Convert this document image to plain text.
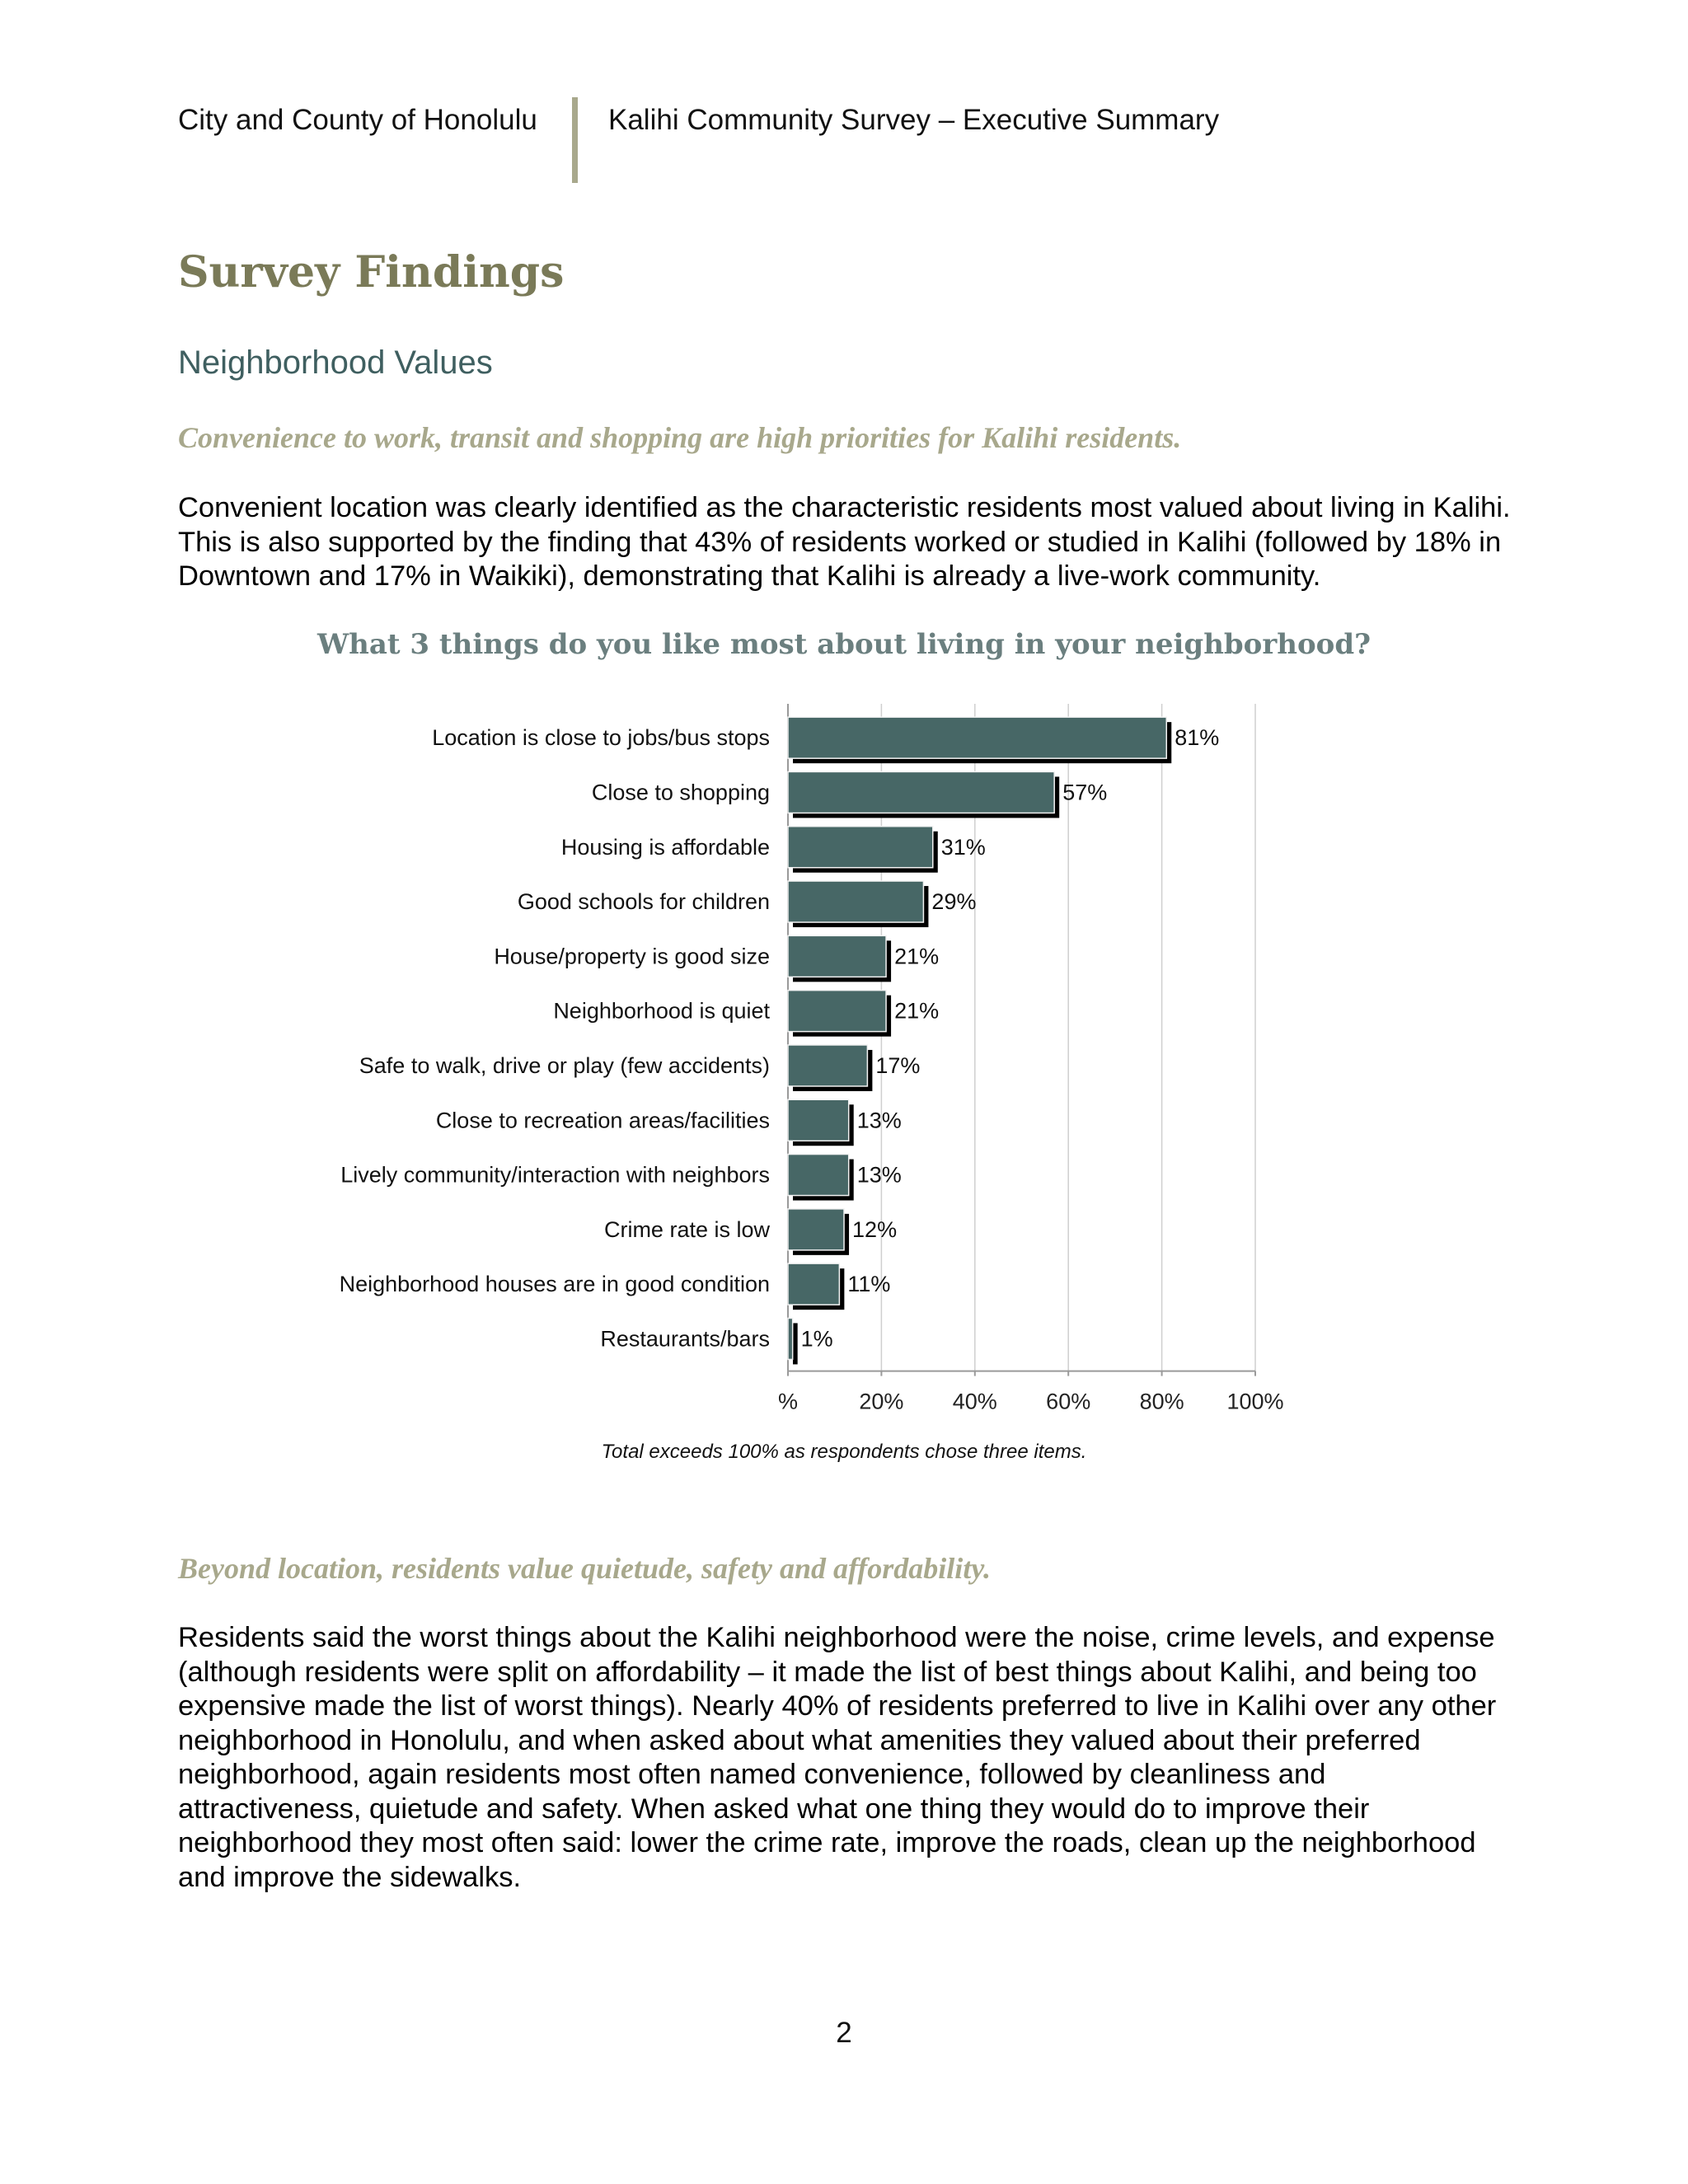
City and County of Honolulu Kalihi Community Survey – Executive Summary
Survey Findings
Neighborhood Values
Convenience to work, transit and shopping are high priorities for Kalihi residents.
Convenient location was clearly identified as the characteristic residents most valued about living in Kalihi. This is also supported by the finding that 43% of residents worked or studied in Kalihi (followed by 18% in Downtown and 17% in Waikiki), demonstrating that Kalihi is already a live-work community.
What 3 things do you like most about living in your neighborhood?
%	20% 40% 60% 80% 100%
Location is close to jobs/bus stops	81%
Close to shopping	57%
Housing is affordable	31%
Good schools for children	29%
House/property is good size	21%
Neighborhood is quiet	21%
Safe to walk, drive or play (few accidents)	17%
Close to recreation areas/facilities	13%
Lively community/interaction with neighbors	13%
Crime rate is low	12%
Neighborhood houses are in good condition	11%
Restaurants/bars 1%
Total exceeds 100% as respondents chose three items.
Beyond location, residents value quietude, safety and affordability.
Residents said the worst things about the Kalihi neighborhood were the noise, crime levels, and expense (although residents were split on affordability – it made the list of best things about Kalihi, and being too expensive made the list of worst things). Nearly 40% of residents preferred to live in Kalihi over any other neighborhood in Honolulu, and when asked about what amenities they valued about their preferred neighborhood, again residents most often named convenience, followed by cleanliness and attractiveness, quietude and safety. When asked what one thing they would do to improve their neighborhood they most often said: lower the crime rate, improve the roads, clean up the neighborhood and improve the sidewalks.
2
